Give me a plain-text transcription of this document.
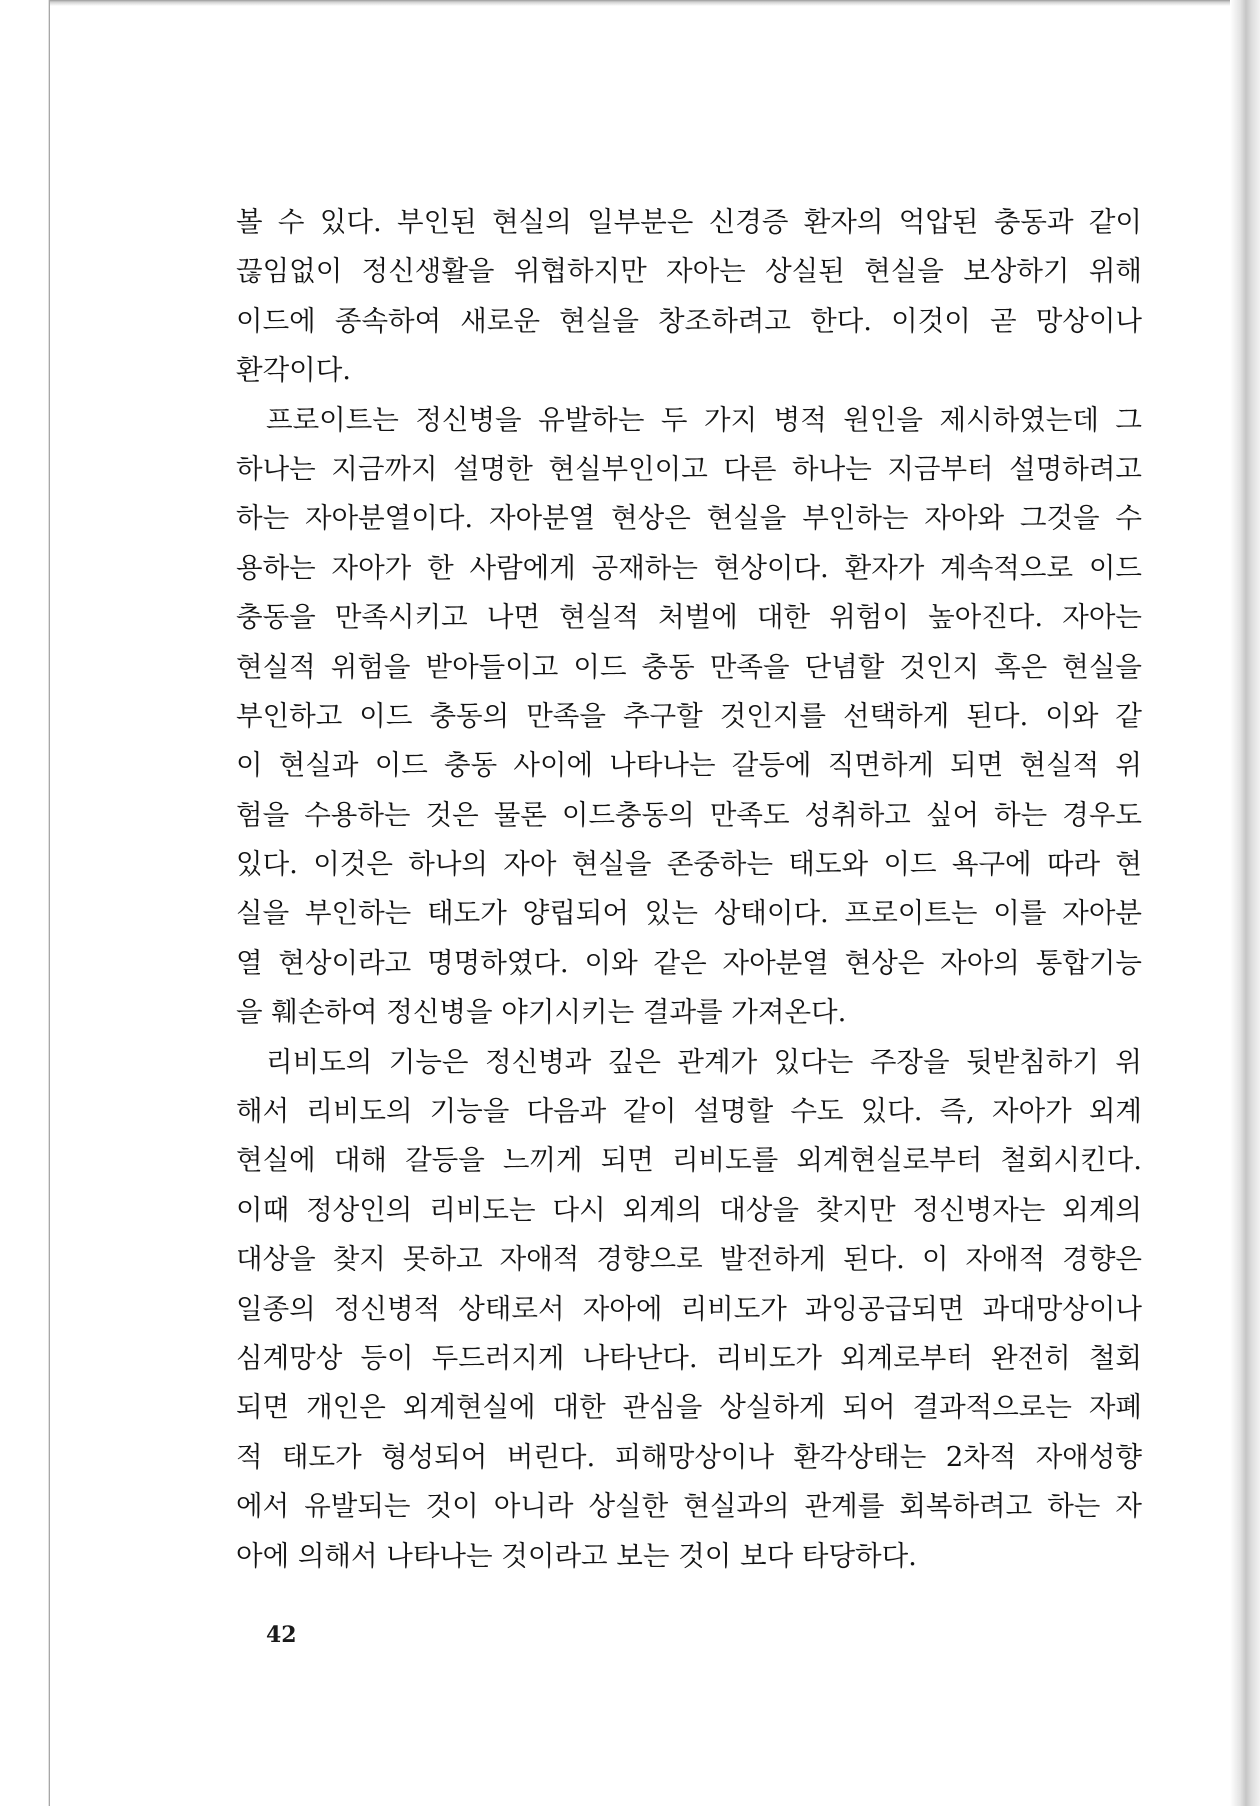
볼 수 있다. 부인된 현실의 일부분은 신경증 환자의 억압된 충동과 같이
끊임없이 정신생활을 위협하지만 자아는 상실된 현실을 보상하기 위해
이드에 종속하여 새로운 현실을 창조하려고 한다. 이것이 곧 망상이나
환각이다.
프로이트는 정신병을 유발하는 두 가지 병적 원인을 제시하였는데 그
하나는 지금까지 설명한 현실부인이고 다른 하나는 지금부터 설명하려고
하는 자아분열이다. 자아분열 현상은 현실을 부인하는 자아와 그것을 수
용하는 자아가 한 사람에게 공재하는 현상이다. 환자가 계속적으로 이드
충동을 만족시키고 나면 현실적 처벌에 대한 위험이 높아진다. 자아는
현실적 위험을 받아들이고 이드 충동 만족을 단념할 것인지 혹은 현실을
부인하고 이드 충동의 만족을 추구할 것인지를 선택하게 된다. 이와 같
이 현실과 이드 충동 사이에 나타나는 갈등에 직면하게 되면 현실적 위
험을 수용하는 것은 물론 이드충동의 만족도 성취하고 싶어 하는 경우도
있다. 이것은 하나의 자아 현실을 존중하는 태도와 이드 욕구에 따라 현
실을 부인하는 태도가 양립되어 있는 상태이다. 프로이트는 이를 자아분
열 현상이라고 명명하였다. 이와 같은 자아분열 현상은 자아의 통합기능
을 훼손하여 정신병을 야기시키는 결과를 가져온다.
리비도의 기능은 정신병과 깊은 관계가 있다는 주장을 뒷받침하기 위
해서 리비도의 기능을 다음과 같이 설명할 수도 있다. 즉, 자아가 외계
현실에 대해 갈등을 느끼게 되면 리비도를 외계현실로부터 철회시킨다.
이때 정상인의 리비도는 다시 외계의 대상을 찾지만 정신병자는 외계의
대상을 찾지 못하고 자애적 경향으로 발전하게 된다. 이 자애적 경향은
일종의 정신병적 상태로서 자아에 리비도가 과잉공급되면 과대망상이나
심계망상 등이 두드러지게 나타난다. 리비도가 외계로부터 완전히 철회
되면 개인은 외계현실에 대한 관심을 상실하게 되어 결과적으로는 자폐
적 태도가 형성되어 버린다. 피해망상이나 환각상태는 2차적 자애성향
에서 유발되는 것이 아니라 상실한 현실과의 관계를 회복하려고 하는 자
아에 의해서 나타나는 것이라고 보는 것이 보다 타당하다.
42
